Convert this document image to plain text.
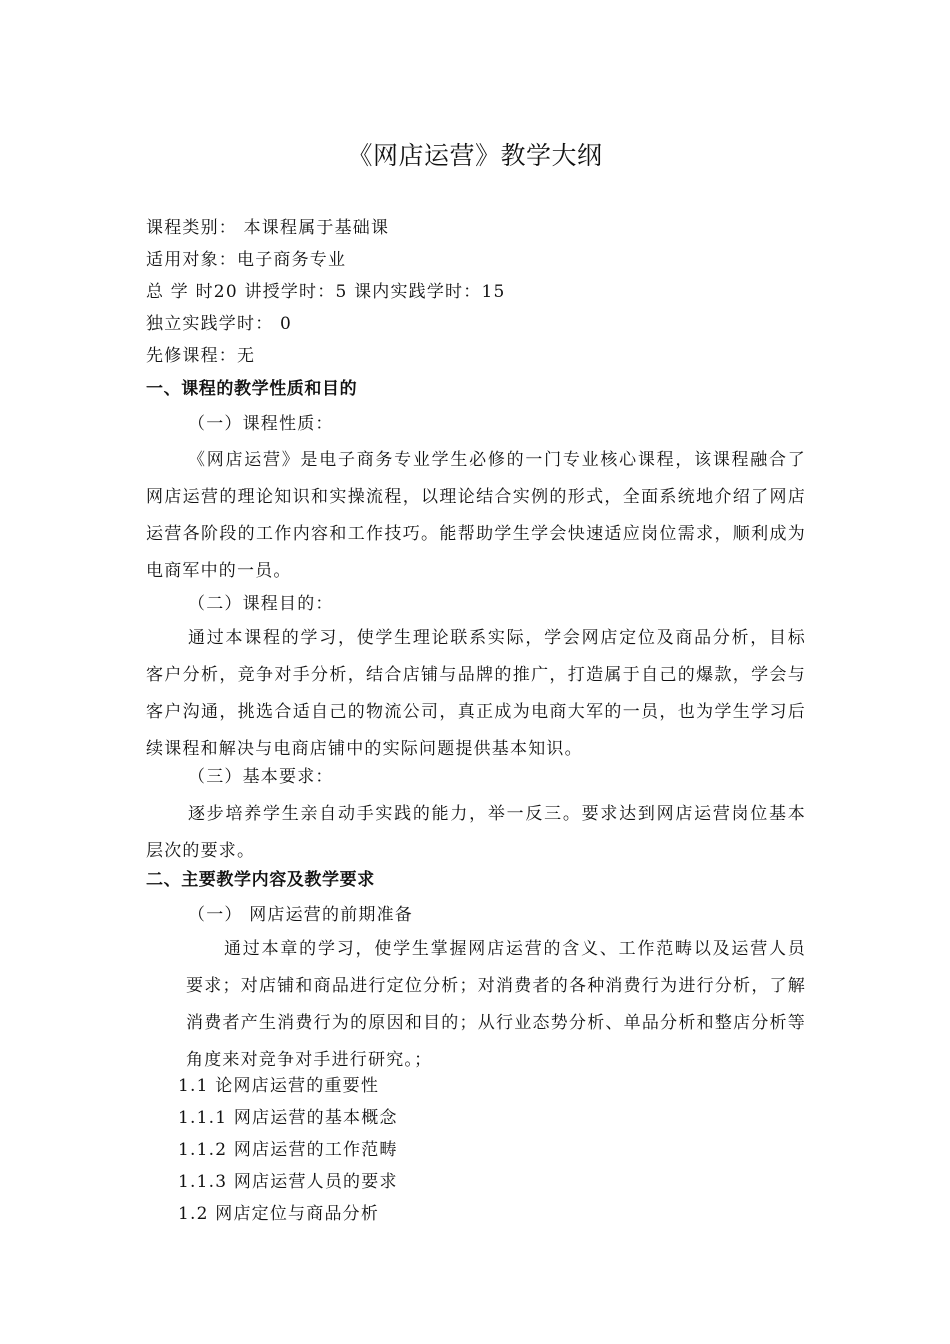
《网店运营》教学大纲
课程类别： 本课程属于基础课
适用对象：电子商务专业
总 学 时20 讲授学时：5 课内实践学时：15
独立实践学时： 0
先修课程：无
一、课程的教学性质和目的
（一）课程性质：
《网店运营》是电子商务专业学生必修的一门专业核心课程，该课程融合了网店运营的理论知识和实操流程，以理论结合实例的形式，全面系统地介绍了网店运营各阶段的工作内容和工作技巧。能帮助学生学会快速适应岗位需求，顺利成为电商军中的一员。
（二）课程目的：
通过本课程的学习，使学生理论联系实际，学会网店定位及商品分析，目标客户分析，竞争对手分析，结合店铺与品牌的推广，打造属于自己的爆款，学会与客户沟通，挑选合适自己的物流公司，真正成为电商大军的一员，也为学生学习后续课程和解决与电商店铺中的实际问题提供基本知识。
（三）基本要求：
逐步培养学生亲自动手实践的能力，举一反三。要求达到网店运营岗位基本层次的要求。
二、主要教学内容及教学要求
（一） 网店运营的前期准备
通过本章的学习，使学生掌握网店运营的含义、工作范畴以及运营人员要求；对店铺和商品进行定位分析；对消费者的各种消费行为进行分析，了解消费者产生消费行为的原因和目的；从行业态势分析、单品分析和整店分析等角度来对竞争对手进行研究。；
1.1 论网店运营的重要性
1.1.1 网店运营的基本概念
1.1.2 网店运营的工作范畴
1.1.3 网店运营人员的要求
1.2 网店定位与商品分析
